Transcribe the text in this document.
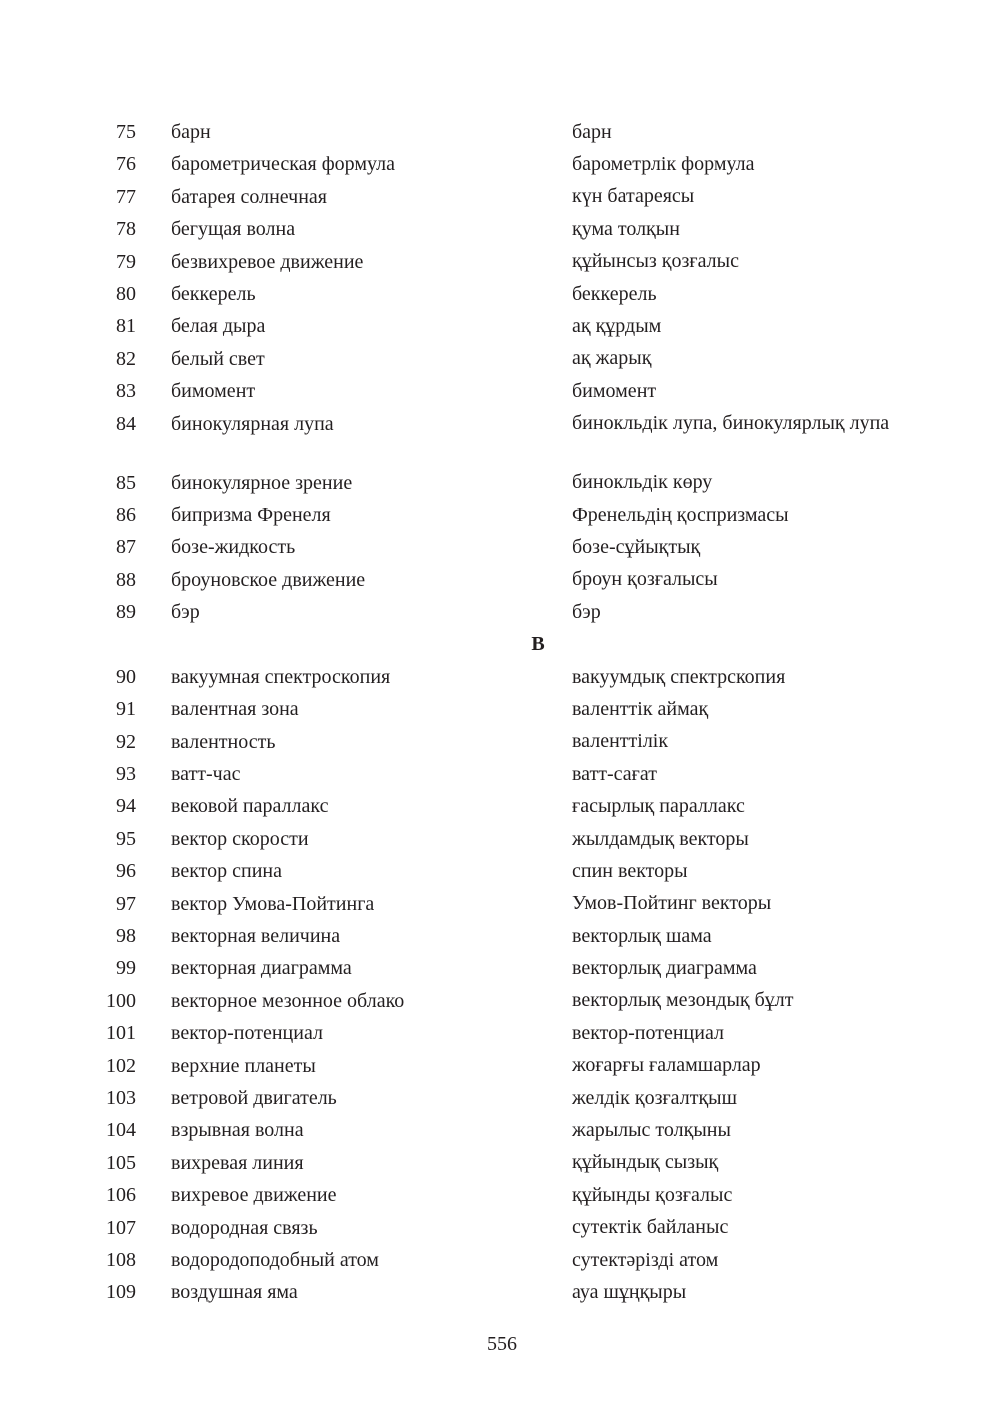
75 барн	барн
76 барометрическая формула	барометрлік формула
77 батарея солнечная	күн батареясы
78 бегущая волна	қума толқын
79 безвихревое движение	құйынсыз қозғалыс
80 беккерель	беккерель
81 белая дыра	ақ құрдым
82 белый свет	ақ жарық
83 бимомент	бимомент
84 бинокулярная лупа	бинокльдік лупа, бинокулярлық лупа
85 бинокулярное зрение	бинокльдік көру
86 бипризма Френеля	Френельдің қоспризмасы
87 бозе-жидкость	бозе-сұйықтық
88 броуновское движение	броун қозғалысы
89 бэр	бэр
В
90 вакуумная спектроскопия	вакуумдық спектрскопия
91 валентная зона	валенттік аймақ
92 валентность	валенттілік
93 ватт-час	ватт-сағат
94 вековой параллакс	ғасырлық параллакс
95 вектор скорости	жылдамдық векторы
96 вектор спина	спин векторы
97 вектор Умова-Пойтинга	Умов-Пойтинг векторы
98 векторная величина	векторлық шама
99 векторная диаграмма	векторлық диаграмма
100 векторное мезонное облако	векторлық мезондық бұлт
101 вектор-потенциал	вектор-потенциал
102 верхние планеты	жоғарғы ғаламшарлар
103 ветровой двигатель	желдік қозғалтқыш
104 взрывная волна	жарылыс толқыны
105 вихревая линия	құйындық сызық
106 вихревое движение	құйынды қозғалыс
107 водородная связь	сутектік байланыс
108 водородоподобный атом	сутектәрізді атом
109 воздушная яма	ауа шұңқыры
556
